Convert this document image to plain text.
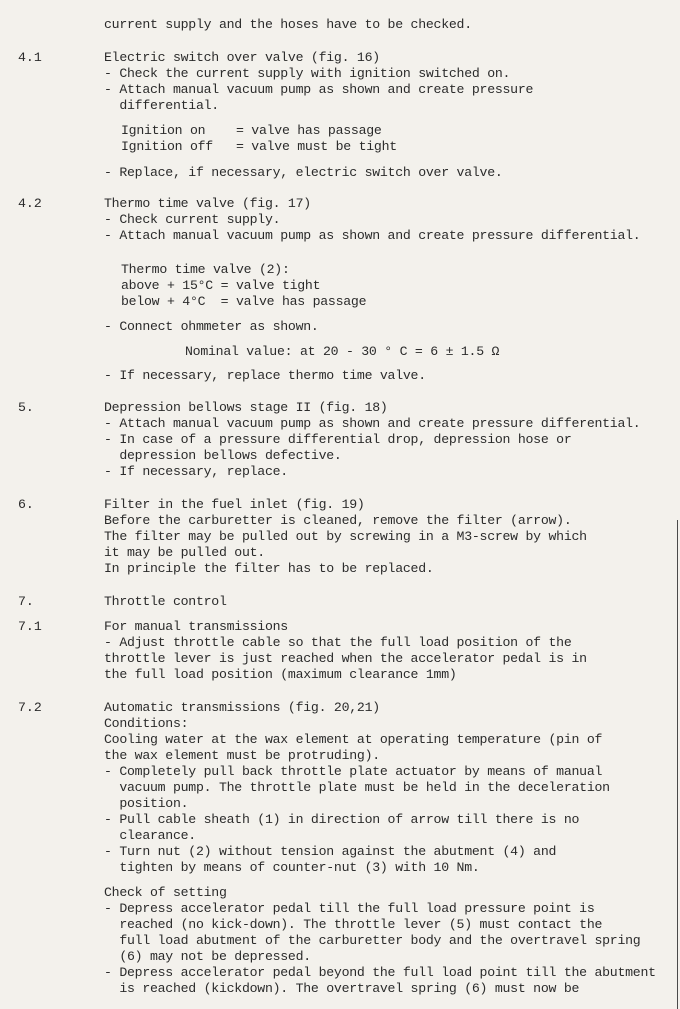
current supply and the hoses have to be checked.
4.1	Electric switch over valve (fig. 16)
- Check the current supply with ignition switched on.
- Attach manual vacuum pump as shown and create pressure
differential.
Ignition on    = valve has passage
Ignition off   = valve must be tight
- Replace, if necessary, electric switch over valve.
4.2	Thermo time valve (fig. 17)
- Check current supply.
- Attach manual vacuum pump as shown and create pressure differential.
Thermo time valve (2):
above + 15°C = valve tight
below + 4°C  = valve has passage
- Connect ohmmeter as shown.
Nominal value: at 20 - 30 ° C = 6 ± 1.5 Ω
- If necessary, replace thermo time valve.
5.	Depression bellows stage II (fig. 18)
- Attach manual vacuum pump as shown and create pressure differential.
- In case of a pressure differential drop, depression hose or
depression bellows defective.
- If necessary, replace.
6.	Filter in the fuel inlet (fig. 19)
Before the carburetter is cleaned, remove the filter (arrow).
The filter may be pulled out by screwing in a M3-screw by which
it may be pulled out.
In principle the filter has to be replaced.
7.	Throttle control
7.1	For manual transmissions
- Adjust throttle cable so that the full load position of the
throttle lever is just reached when the accelerator pedal is in
the full load position (maximum clearance 1mm)
7.2	Automatic transmissions (fig. 20,21)
Conditions:
Cooling water at the wax element at operating temperature (pin of
the wax element must be protruding).
- Completely pull back throttle plate actuator by means of manual
vacuum pump. The throttle plate must be held in the deceleration
position.
- Pull cable sheath (1) in direction of arrow till there is no
clearance.
- Turn nut (2) without tension against the abutment (4) and
tighten by means of counter-nut (3) with 10 Nm.
Check of setting
- Depress accelerator pedal till the full load pressure point is
reached (no kick-down). The throttle lever (5) must contact the
full load abutment of the carburetter body and the overtravel spring
(6) may not be depressed.
- Depress accelerator pedal beyond the full load point till the abutment
is reached (kickdown). The overtravel spring (6) must now be
